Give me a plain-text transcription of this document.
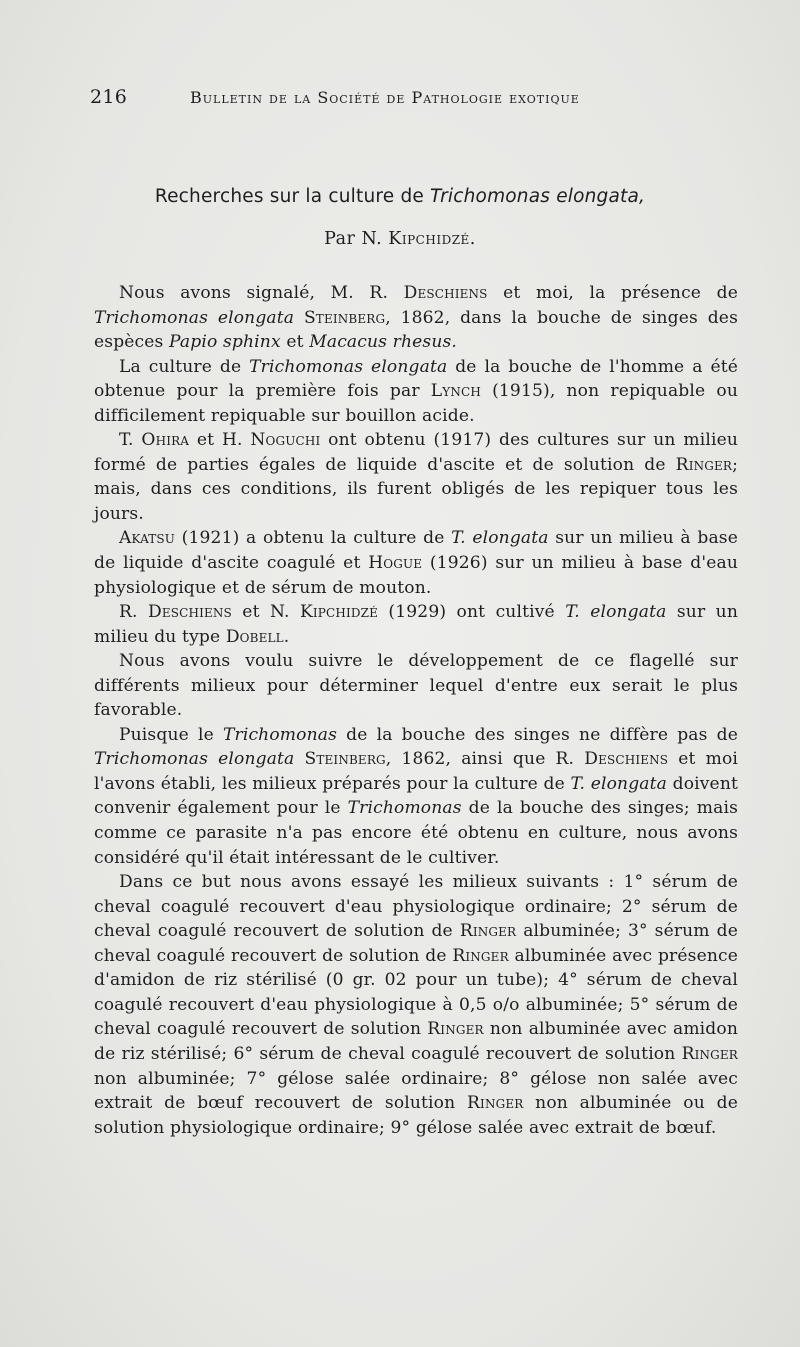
216	Bulletin de la Société de Pathologie exotique
Recherches sur la culture de Trichomonas elongata,
Par N. Kipchidzé.

Nous avons signalé, M. R. Deschiens et moi, la présence de Trichomonas elongata Steinberg, 1862, dans la bouche de singes des espèces Papio sphinx et Macacus rhesus.

La culture de Trichomonas elongata de la bouche de l'homme a été obtenue pour la première fois par Lynch (1915), non repiquable ou difficilement repiquable sur bouillon acide.

T. Ohira et H. Noguchi ont obtenu (1917) des cultures sur un milieu formé de parties égales de liquide d'ascite et de solution de Ringer; mais, dans ces conditions, ils furent obligés de les repiquer tous les jours.

Akatsu (1921) a obtenu la culture de T. elongata sur un milieu à base de liquide d'ascite coagulé et Hogue (1926) sur un milieu à base d'eau physiologique et de sérum de mouton.

R. Deschiens et N. Kipchidzé (1929) ont cultivé T. elongata sur un milieu du type Dobell.

Nous avons voulu suivre le développement de ce flagellé sur différents milieux pour déterminer lequel d'entre eux serait le plus favorable.

Puisque le Trichomonas de la bouche des singes ne diffère pas de Trichomonas elongata Steinberg, 1862, ainsi que R. Deschiens et moi l'avons établi, les milieux préparés pour la culture de T. elongata doivent convenir également pour le Trichomonas de la bouche des singes; mais comme ce parasite n'a pas encore été obtenu en culture, nous avons considéré qu'il était intéressant de le cultiver.

Dans ce but nous avons essayé les milieux suivants : 1° sérum de cheval coagulé recouvert d'eau physiologique ordinaire; 2° sérum de cheval coagulé recouvert de solution de Ringer albuminée; 3° sérum de cheval coagulé recouvert de solution de Ringer albuminée avec présence d'amidon de riz stérilisé (0 gr. 02 pour un tube); 4° sérum de cheval coagulé recouvert d'eau physiologique à 0,5 o/o albuminée; 5° sérum de cheval coagulé recouvert de solution Ringer non albuminée avec amidon de riz stérilisé; 6° sérum de cheval coagulé recouvert de solution Ringer non albuminée; 7° gélose salée ordinaire; 8° gélose non salée avec extrait de bœuf recouvert de solution Ringer non albuminée ou de solution physiologique ordinaire; 9° gélose salée avec extrait de bœuf.
